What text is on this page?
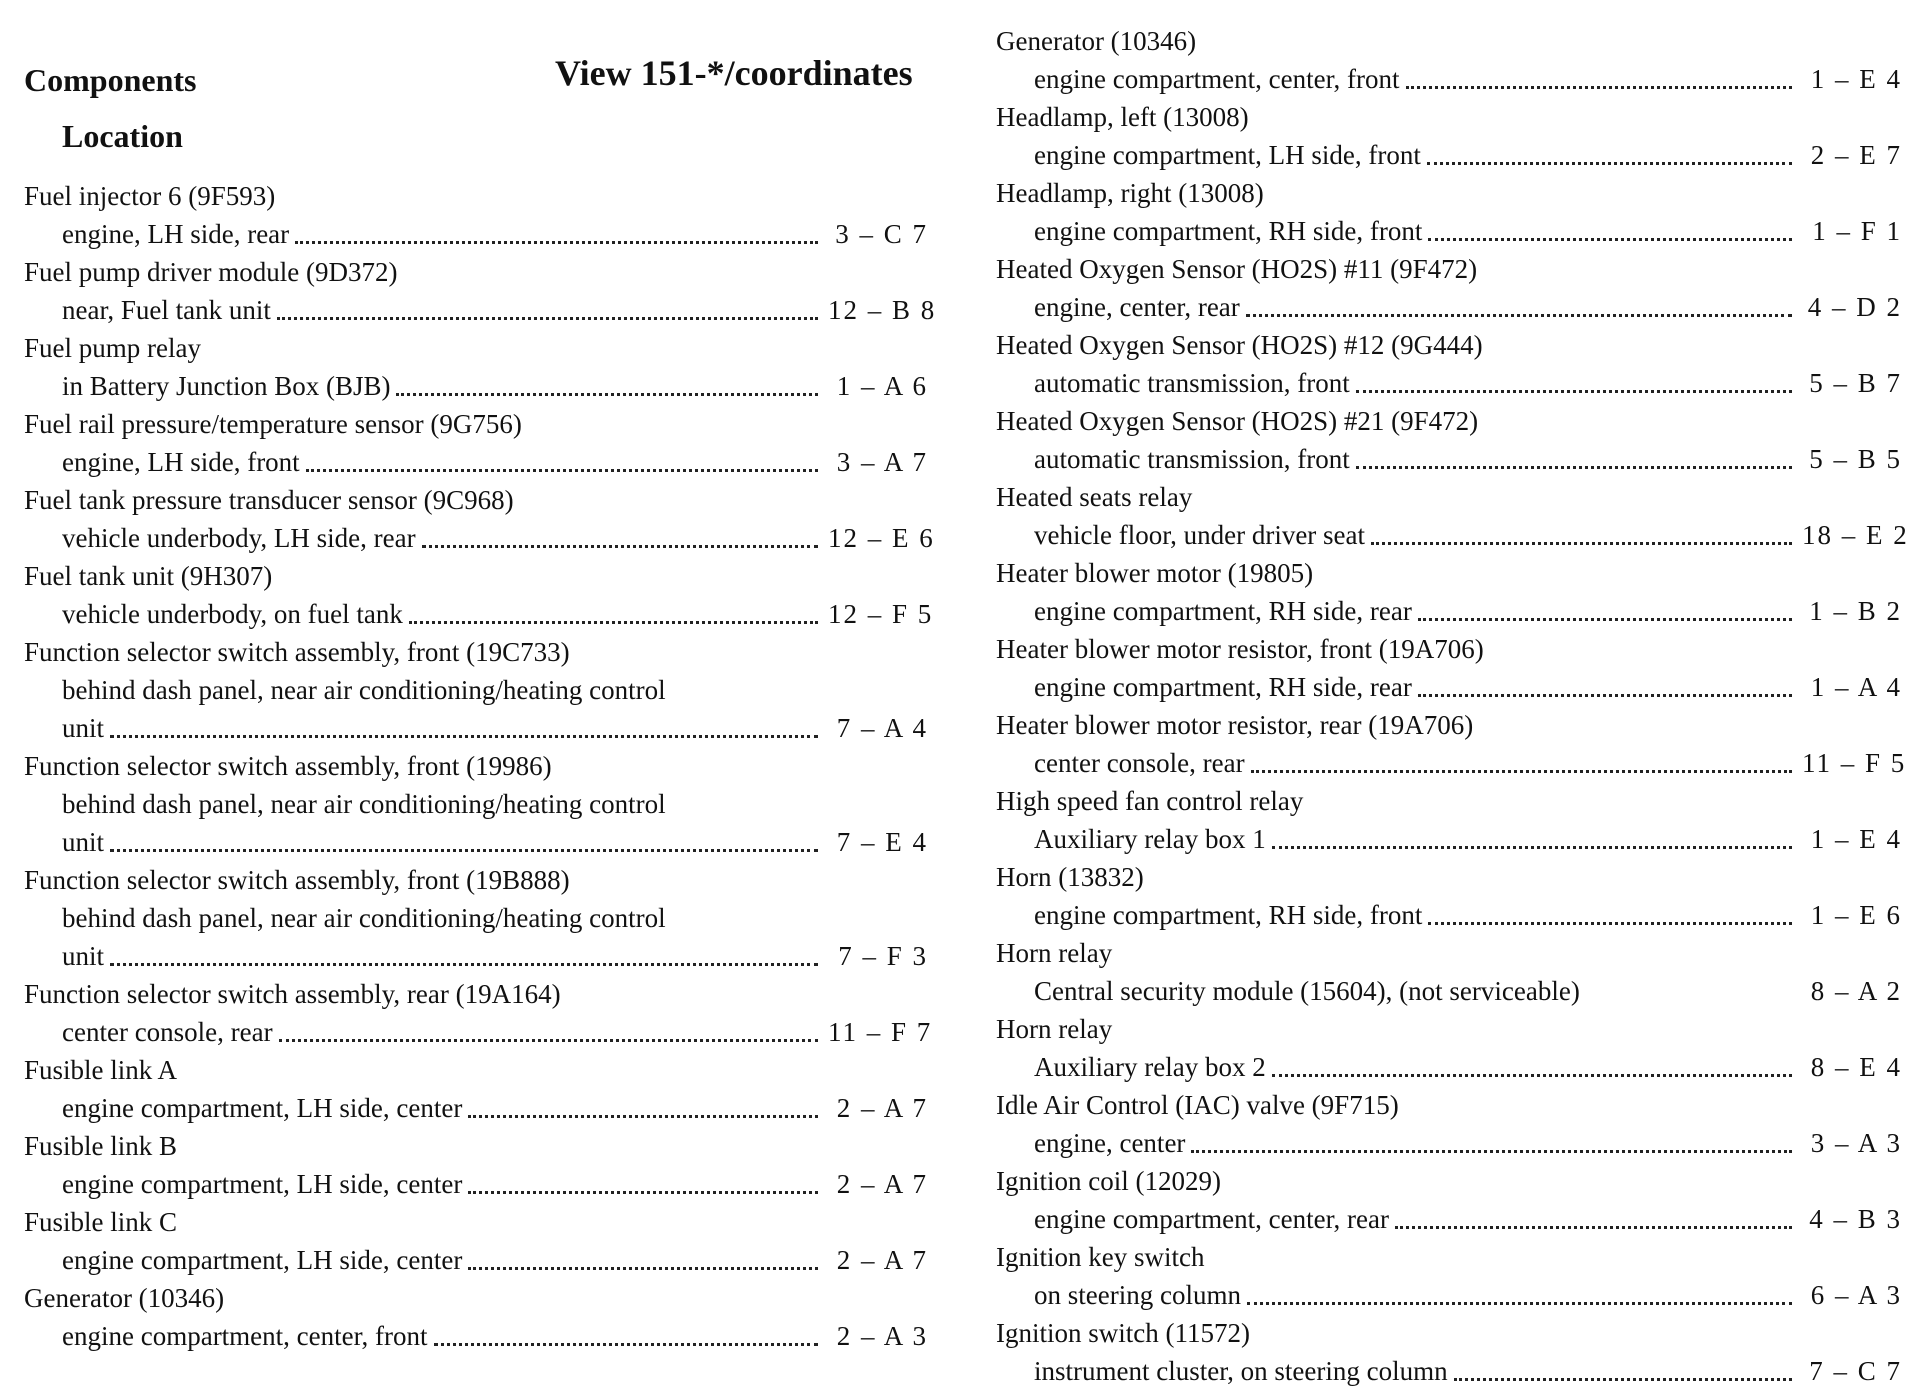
Components	View 151-*/coordinates
Location
Fuel injector 6 (9F593)
engine, LH side, rear	3 – C 7
Fuel pump driver module (9D372)
near, Fuel tank unit	12 – B 8
Fuel pump relay
in Battery Junction Box (BJB)	1 – A 6
Fuel rail pressure/temperature sensor (9G756)
engine, LH side, front	3 – A 7
Fuel tank pressure transducer sensor (9C968)
vehicle underbody, LH side, rear	12 – E 6
Fuel tank unit (9H307)
vehicle underbody, on fuel tank	12 – F 5
Function selector switch assembly, front (19C733)
behind dash panel, near air conditioning/heating control
unit	7 – A 4
Function selector switch assembly, front (19986)
behind dash panel, near air conditioning/heating control
unit	7 – E 4
Function selector switch assembly, front (19B888)
behind dash panel, near air conditioning/heating control
unit	7 – F 3
Function selector switch assembly, rear (19A164)
center console, rear	11 – F 7
Fusible link A
engine compartment, LH side, center	2 – A 7
Fusible link B
engine compartment, LH side, center	2 – A 7
Fusible link C
engine compartment, LH side, center	2 – A 7
Generator (10346)
engine compartment, center, front	2 – A 3
Generator (10346)
engine compartment, center, front	1 – E 4
Headlamp, left (13008)
engine compartment, LH side, front	2 – E 7
Headlamp, right (13008)
engine compartment, RH side, front	1 – F 1
Heated Oxygen Sensor (HO2S) #11 (9F472)
engine, center, rear	4 – D 2
Heated Oxygen Sensor (HO2S) #12 (9G444)
automatic transmission, front	5 – B 7
Heated Oxygen Sensor (HO2S) #21 (9F472)
automatic transmission, front	5 – B 5
Heated seats relay
vehicle floor, under driver seat	18 – E 2
Heater blower motor (19805)
engine compartment, RH side, rear	1 – B 2
Heater blower motor resistor, front (19A706)
engine compartment, RH side, rear	1 – A 4
Heater blower motor resistor, rear (19A706)
center console, rear	11 – F 5
High speed fan control relay
Auxiliary relay box 1	1 – E 4
Horn (13832)
engine compartment, RH side, front	1 – E 6
Horn relay
Central security module (15604), (not serviceable)	8 – A 2
Horn relay
Auxiliary relay box 2	8 – E 4
Idle Air Control (IAC) valve (9F715)
engine, center	3 – A 3
Ignition coil (12029)
engine compartment, center, rear	4 – B 3
Ignition key switch
on steering column	6 – A 3
Ignition switch (11572)
instrument cluster, on steering column	7 – C 7
